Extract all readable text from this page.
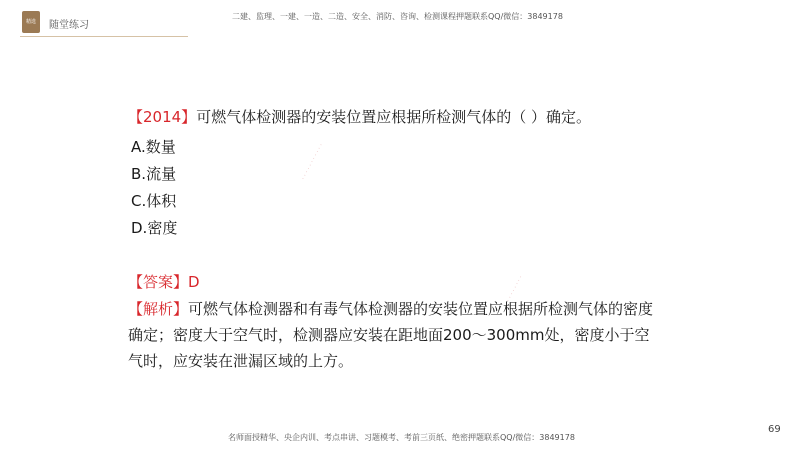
精选	随堂练习
二建、监理、一建、一造、二造、安全、消防、咨询、检测课程押题联系QQ/微信：3849178
【2014】可燃气体检测器的安装位置应根据所检测气体的（ ）确定。
A.数量
B.流量
C.体积
D.密度
【答案】D
【解析】可燃气体检测器和有毒气体检测器的安装位置应根据所检测气体的密度确定；密度大于空气时，检测器应安装在距地面200～300mm处，密度小于空气时，应安装在泄漏区域的上方。
· · · · · · · · · · ·
· · · · · · · ·
69
名师面授精华、央企内训、考点串讲、习题模考、考前三页纸、绝密押题联系QQ/微信：3849178
